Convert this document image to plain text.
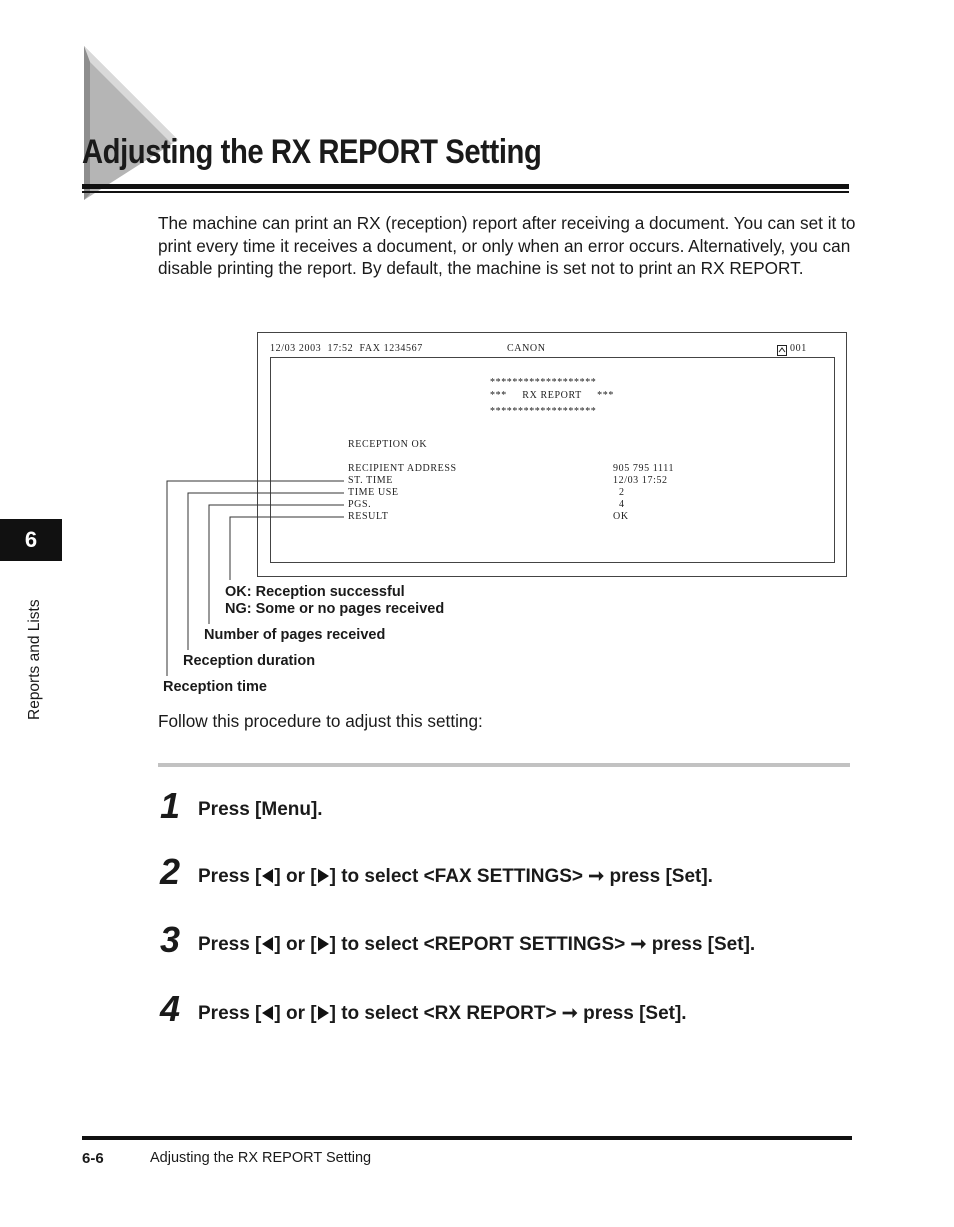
Adjusting the RX REPORT Setting

The machine can print an RX (reception) report after receiving a document. You can set it to print every time it receives a document, or only when an error occurs. Alternatively, you can disable printing the report. By default, the machine is set not to print an RX REPORT.

12/03 2003  17:52  FAX 1234567	CANON	001
*******************
***     RX REPORT     ***
*******************
RECEPTION OK
RECIPIENT ADDRESS	905 795 1111
ST. TIME	12/03 17:52
TIME USE	2
PGS.	4
RESULT	OK
OK: Reception successful
NG: Some or no pages received
Number of pages received
Reception duration
Reception time
Follow this procedure to adjust this setting:
1 Press [Menu].
2 Press [ ] or [ ] to select <FAX SETTINGS> ➞ press [Set].
3 Press [ ] or [ ] to select <REPORT SETTINGS> ➞ press [Set].
4 Press [ ] or [ ] to select <RX REPORT> ➞ press [Set].
6
Reports and Lists
6-6	Adjusting the RX REPORT Setting
